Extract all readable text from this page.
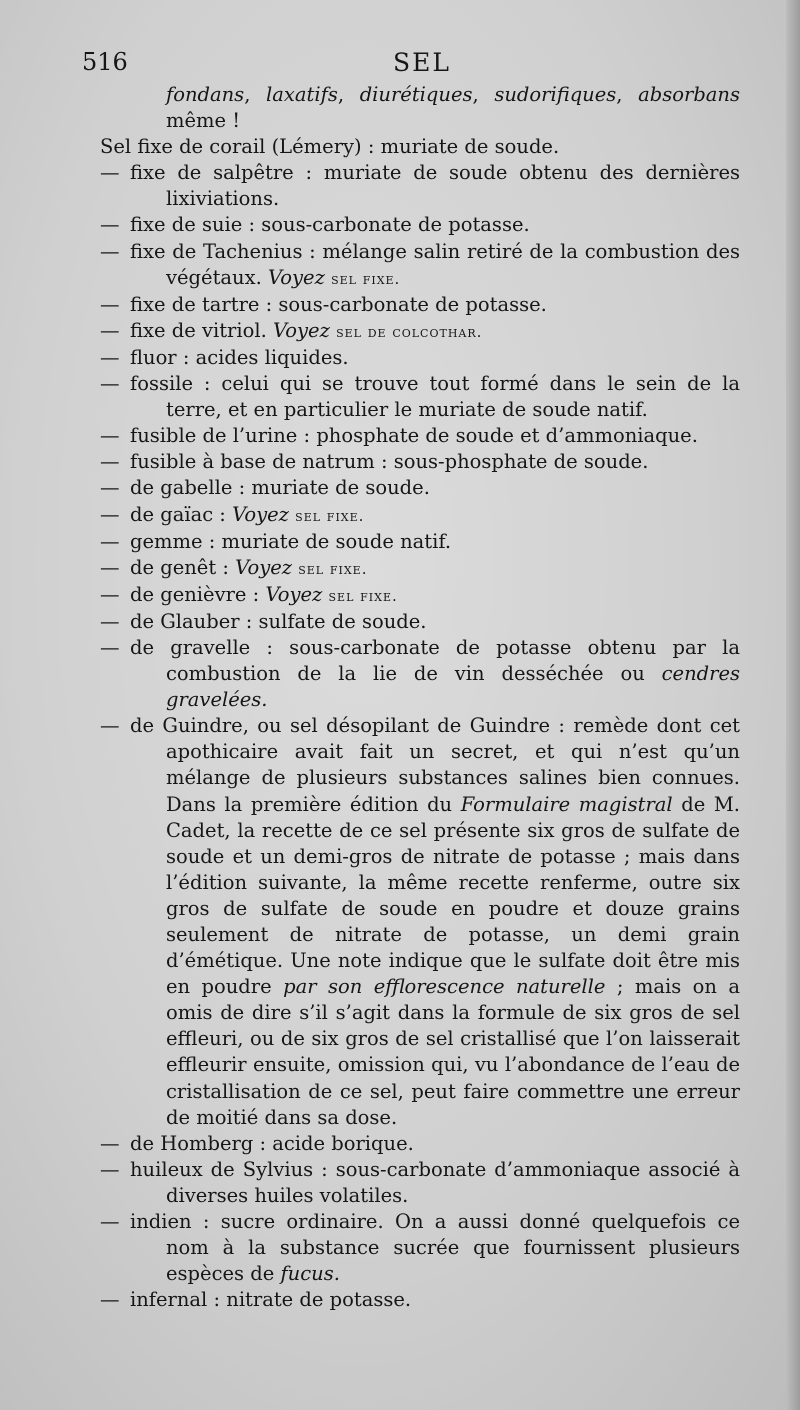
516	SEL

fondans, laxatifs, diurétiques, sudorifiques, absorbans même !

Sel fixe de corail (Lémery) : muriate de soude.

— fixe de salpêtre : muriate de soude obtenu des dernières lixiviations.

— fixe de suie : sous-carbonate de potasse.

— fixe de Tachenius : mélange salin retiré de la combustion des végétaux. Voyez sel fixe.

— fixe de tartre : sous-carbonate de potasse.

— fixe de vitriol. Voyez sel de colcothar.

— fluor : acides liquides.

— fossile : celui qui se trouve tout formé dans le sein de la terre, et en particulier le muriate de soude natif.

— fusible de l’urine : phosphate de soude et d’ammoniaque.

— fusible à base de natrum : sous-phosphate de soude.

— de gabelle : muriate de soude.

— de gaïac : Voyez sel fixe.

— gemme : muriate de soude natif.

— de genêt : Voyez sel fixe.

— de genièvre : Voyez sel fixe.

— de Glauber : sulfate de soude.

— de gravelle : sous-carbonate de potasse obtenu par la combustion de la lie de vin desséchée ou cendres gravelées.

— de Guindre, ou sel désopilant de Guindre : remède dont cet apothicaire avait fait un secret, et qui n’est qu’un mélange de plusieurs substances salines bien connues. Dans la première édition du Formulaire magistral de M. Cadet, la recette de ce sel présente six gros de sulfate de soude et un demi-gros de nitrate de potasse ; mais dans l’édition suivante, la même recette renferme, outre six gros de sulfate de soude en poudre et douze grains seulement de nitrate de potasse, un demi grain d’émétique. Une note indique que le sulfate doit être mis en poudre par son efflorescence naturelle ; mais on a omis de dire s’il s’agit dans la formule de six gros de sel effleuri, ou de six gros de sel cristallisé que l’on laisserait effleurir ensuite, omission qui, vu l’abondance de l’eau de cristallisation de ce sel, peut faire commettre une erreur de moitié dans sa dose.

— de Homberg : acide borique.

— huileux de Sylvius : sous-carbonate d’ammoniaque associé à diverses huiles volatiles.

— indien : sucre ordinaire. On a aussi donné quelquefois ce nom à la substance sucrée que fournissent plusieurs espèces de fucus.

— infernal : nitrate de potasse.
